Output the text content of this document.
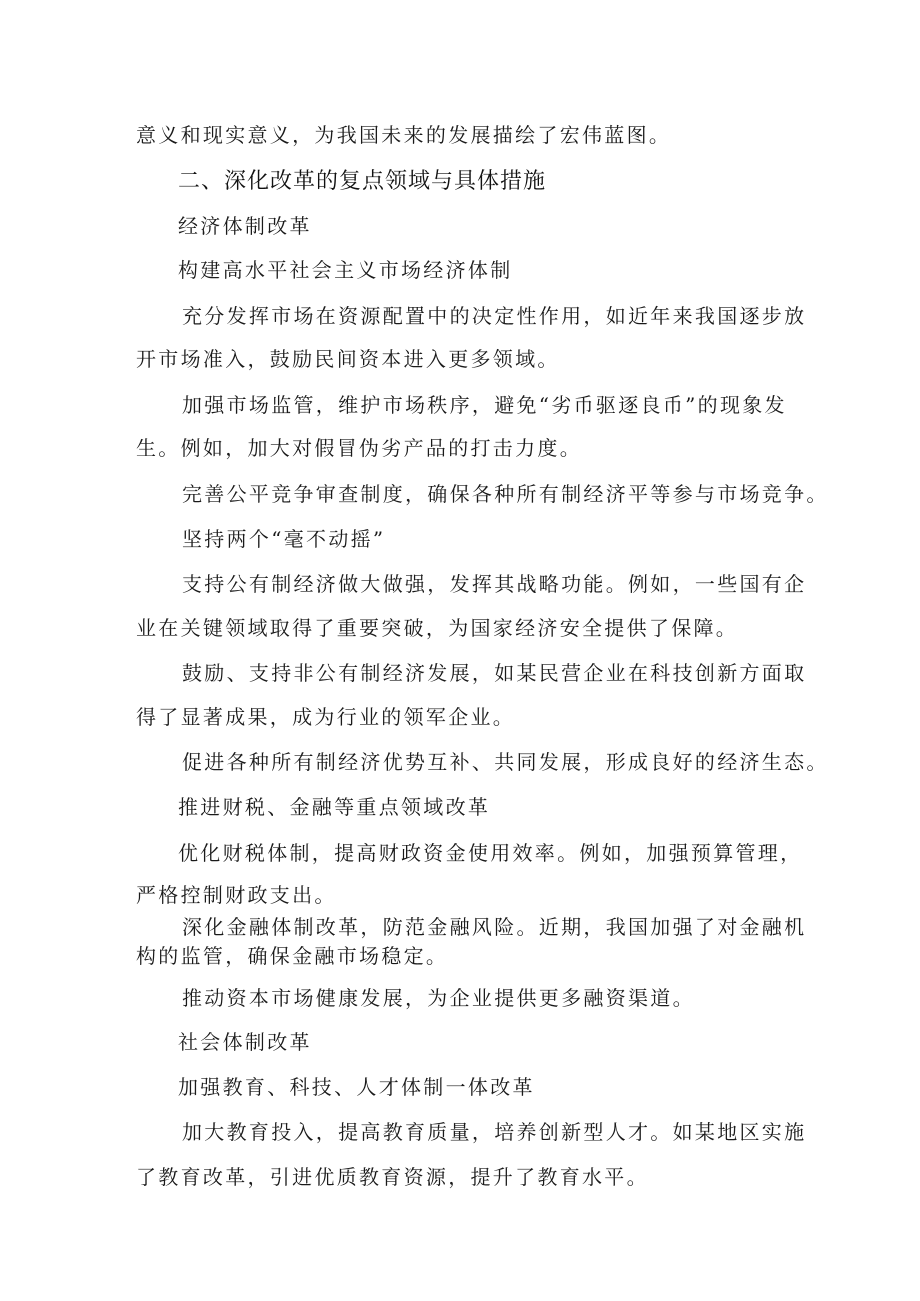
意义和现实意义，为我国未来的发展描绘了宏伟蓝图。
二、深化改革的复点领域与具体措施
经济体制改革
构建高水平社会主义市场经济体制
充分发挥市场在资源配置中的决定性作用，如近年来我国逐步放
开市场准入，鼓励民间资本进入更多领域。
加强市场监管，维护市场秩序，避免“劣币驱逐良币”的现象发
生。例如，加大对假冒伪劣产品的打击力度。
完善公平竞争审查制度，确保各种所有制经济平等参与市场竞争。
坚持两个“毫不动摇”
支持公有制经济做大做强，发挥其战略功能。例如，一些国有企
业在关键领域取得了重要突破，为国家经济安全提供了保障。
鼓励、支持非公有制经济发展，如某民营企业在科技创新方面取
得了显著成果，成为行业的领军企业。
促进各种所有制经济优势互补、共同发展，形成良好的经济生态。
推进财税、金融等重点领域改革
优化财税体制，提高财政资金使用效率。例如，加强预算管理，
严格控制财政支出。
深化金融体制改革，防范金融风险。近期，我国加强了对金融机
构的监管，确保金融市场稳定。
推动资本市场健康发展，为企业提供更多融资渠道。
社会体制改革
加强教育、科技、人才体制一体改革
加大教育投入，提高教育质量，培养创新型人才。如某地区实施
了教育改革，引进优质教育资源，提升了教育水平。
